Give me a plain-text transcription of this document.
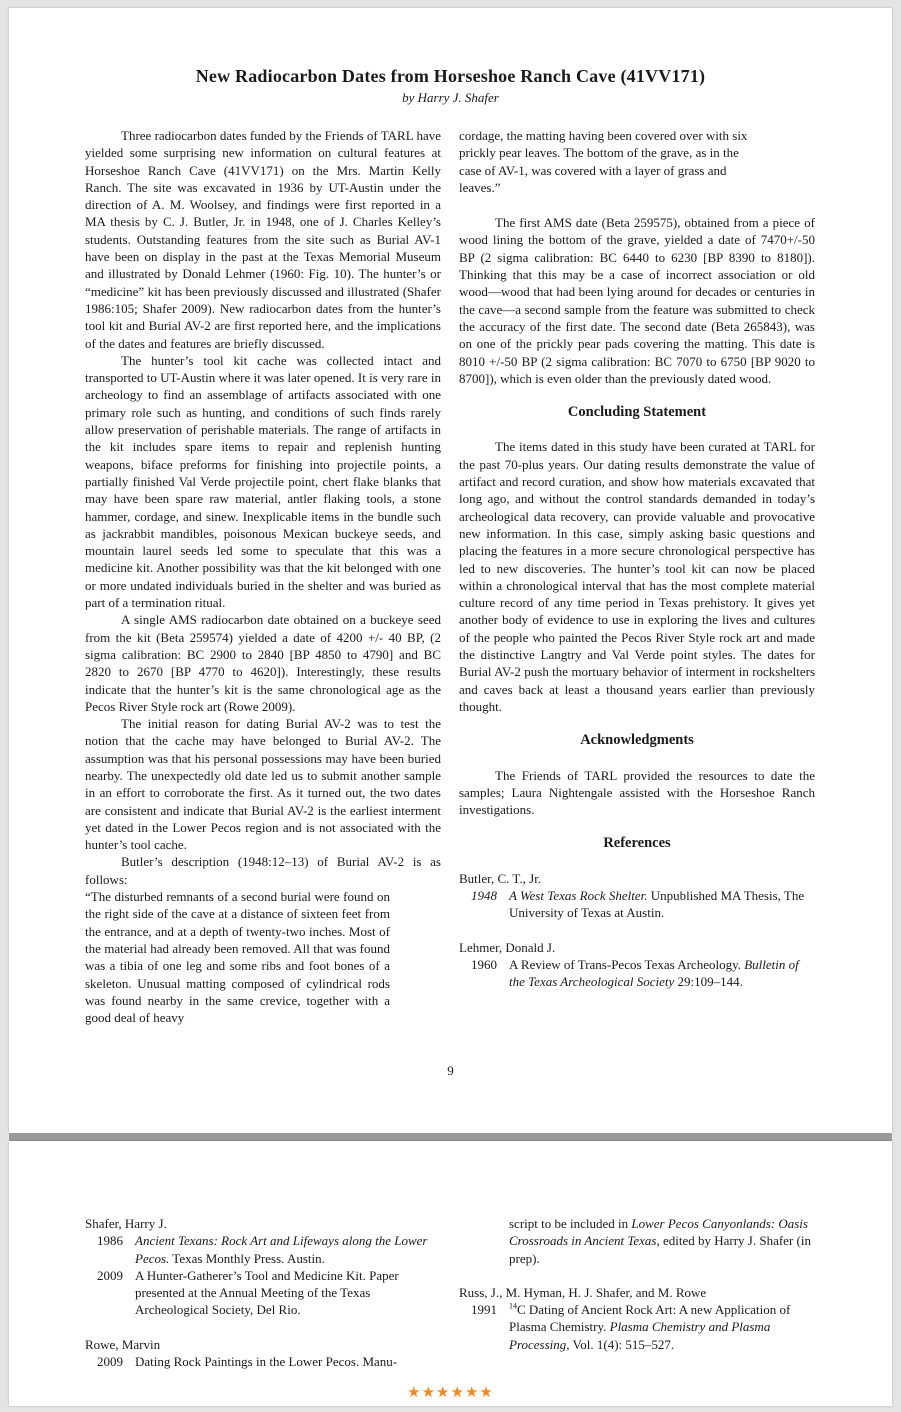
New Radiocarbon Dates from Horseshoe Ranch Cave (41VV171)
by Harry J. Shafer

Three radiocarbon dates funded by the Friends of TARL have yielded some surprising new information on cultural features at Horseshoe Ranch Cave (41VV171) on the Mrs. Martin Kelly Ranch. The site was excavated in 1936 by UT-Austin under the direction of A. M. Woolsey, and findings were first reported in a MA thesis by C. J. Butler, Jr. in 1948, one of J. Charles Kelley’s students. Outstanding features from the site such as Burial AV-1 have been on display in the past at the Texas Memorial Museum and illustrated by Donald Lehmer (1960: Fig. 10). The hunter’s or “medicine” kit has been previously discussed and illustrated (Shafer 1986:105; Shafer 2009). New radiocarbon dates from the hunter’s tool kit and Burial AV-2 are first reported here, and the implications of the dates and features are briefly discussed.

The hunter’s tool kit cache was collected intact and transported to UT-Austin where it was later opened. It is very rare in archeology to find an assemblage of artifacts associated with one primary role such as hunting, and conditions of such finds rarely allow preservation of perishable materials. The range of artifacts in the kit includes spare items to repair and replenish hunting weapons, biface preforms for finishing into projectile points, a partially finished Val Verde projectile point, chert flake blanks that may have been spare raw material, antler flaking tools, a stone hammer, cordage, and sinew. Inexplicable items in the bundle such as jackrabbit mandibles, poisonous Mexican buckeye seeds, and mountain laurel seeds led some to speculate that this was a medicine kit. Another possibility was that the kit belonged with one or more undated individuals buried in the shelter and was buried as part of a termination ritual.

A single AMS radiocarbon date obtained on a buckeye seed from the kit (Beta 259574) yielded a date of 4200 +/- 40 BP, (2 sigma calibration: BC 2900 to 2840 [BP 4850 to 4790] and BC 2820 to 2670 [BP 4770 to 4620]). Interestingly, these results indicate that the hunter’s kit is the same chronological age as the Pecos River Style rock art (Rowe 2009).

The initial reason for dating Burial AV-2 was to test the notion that the cache may have belonged to Burial AV-2. The assumption was that his personal possessions may have been buried nearby. The unexpectedly old date led us to submit another sample in an effort to corroborate the first. As it turned out, the two dates are consistent and indicate that Burial AV-2 is the earliest interment yet dated in the Lower Pecos region and is not associated with the hunter’s tool cache.

Butler’s description (1948:12–13) of Burial AV-2 is as follows:

“The disturbed remnants of a second burial were found on the right side of the cave at a distance of sixteen feet from the entrance, and at a depth of twenty-two inches. Most of the material had already been removed. All that was found was a tibia of one leg and some ribs and foot bones of a skeleton. Unusual matting composed of cylindrical rods was found nearby in the same crevice, together with a good deal of heavy

cordage, the matting having been covered over with six prickly pear leaves. The bottom of the grave, as in the case of AV-1, was covered with a layer of grass and leaves.”

The first AMS date (Beta 259575), obtained from a piece of wood lining the bottom of the grave, yielded a date of 7470+/-50 BP (2 sigma calibration: BC 6440 to 6230 [BP 8390 to 8180]). Thinking that this may be a case of incorrect association or old wood—wood that had been lying around for decades or centuries in the cave—a second sample from the feature was submitted to check the accuracy of the first date. The second date (Beta 265843), was on one of the prickly pear pads covering the matting. This date is 8010 +/-50 BP (2 sigma calibration: BC 7070 to 6750 [BP 9020 to 8700]), which is even older than the previously dated wood.

Concluding Statement

The items dated in this study have been curated at TARL for the past 70-plus years. Our dating results demonstrate the value of artifact and record curation, and show how materials excavated that long ago, and without the control standards demanded in today’s archeological data recovery, can provide valuable and provocative new information. In this case, simply asking basic questions and placing the features in a more secure chronological perspective has led to new discoveries. The hunter’s tool kit can now be placed within a chronological interval that has the most complete material culture record of any time period in Texas prehistory. It gives yet another body of evidence to use in exploring the lives and cultures of the people who painted the Pecos River Style rock art and made the distinctive Langtry and Val Verde point styles. The dates for Burial AV-2 push the mortuary behavior of interment in rockshelters and caves back at least a thousand years earlier than previously thought.

Acknowledgments

The Friends of TARL provided the resources to date the samples; Laura Nightengale assisted with the Horseshoe Ranch investigations.

References

Butler, C. T., Jr.

1948 A West Texas Rock Shelter. Unpublished MA Thesis, The University of Texas at Austin.

Lehmer, Donald J.

1960 A Review of Trans-Pecos Texas Archeology. Bulletin of the Texas Archeological Society 29:109–144.
9

Shafer, Harry J.

1986 Ancient Texans: Rock Art and Lifeways along the Lower Pecos. Texas Monthly Press. Austin.
2009 A Hunter-Gatherer’s Tool and Medicine Kit. Paper presented at the Annual Meeting of the Texas Archeological Society, Del Rio.

Rowe, Marvin

2009 Dating Rock Paintings in the Lower Pecos. Manu-

script to be included in Lower Pecos Canyonlands: Oasis Crossroads in Ancient Texas, edited by Harry J. Shafer (in prep).

Russ, J., M. Hyman, H. J. Shafer, and M. Rowe

1991	$^{14}$C Dating of Ancient Rock Art: A new Application of Plasma Chemistry. Plasma Chemistry and Plasma Processing, Vol. 1(4): 515–527.
★★★★★★
